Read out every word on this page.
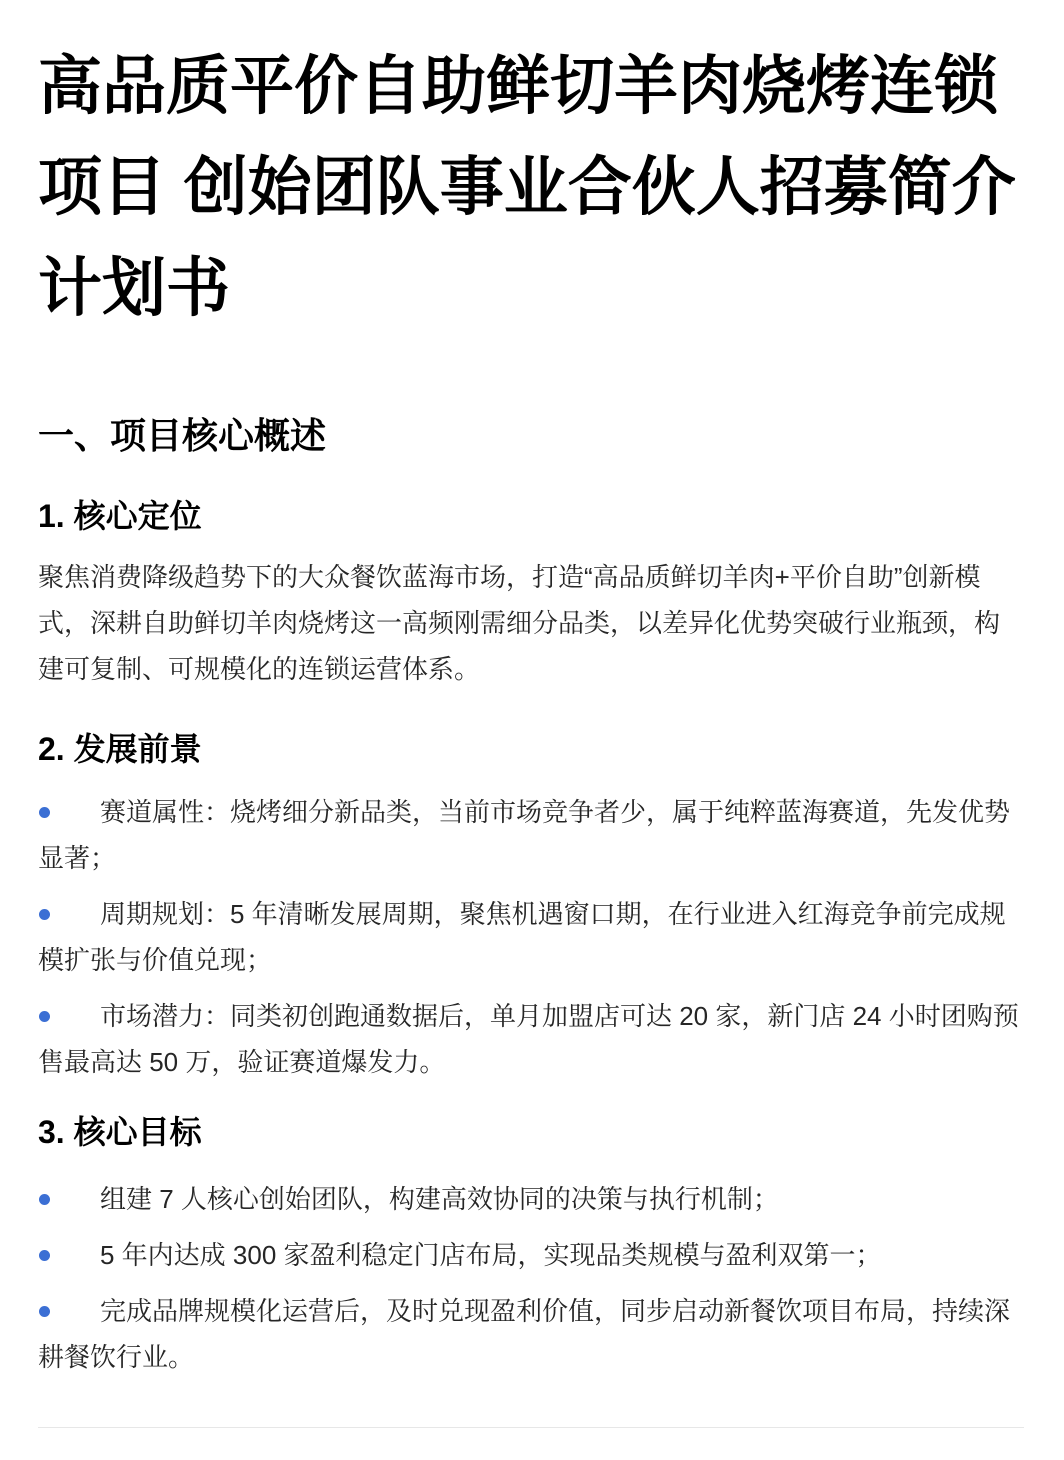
高品质平价自助鲜切羊肉烧烤连锁项目 创始团队事业合伙人招募简介计划书
一、项目核心概述
1. 核心定位

聚焦消费降级趋势下的大众餐饮蓝海市场，打造“高品质鲜切羊肉+平价自助”创新模式，深耕自助鲜切羊肉烧烤这一高频刚需细分品类，以差异化优势突破行业瓶颈，构建可复制、可规模化的连锁运营体系。

2. 发展前景
赛道属性：烧烤细分新品类，当前市场竞争者少，属于纯粹蓝海赛道，先发优势显著；
周期规划：5 年清晰发展周期，聚焦机遇窗口期，在行业进入红海竞争前完成规模扩张与价值兑现；
市场潜力：同类初创跑通数据后，单月加盟店可达 20 家，新门店 24 小时团购预售最高达 50 万，验证赛道爆发力。
3. 核心目标
组建 7 人核心创始团队，构建高效协同的决策与执行机制；
5 年内达成 300 家盈利稳定门店布局，实现品类规模与盈利双第一；
完成品牌规模化运营后，及时兑现盈利价值，同步启动新餐饮项目布局，持续深耕餐饮行业。
